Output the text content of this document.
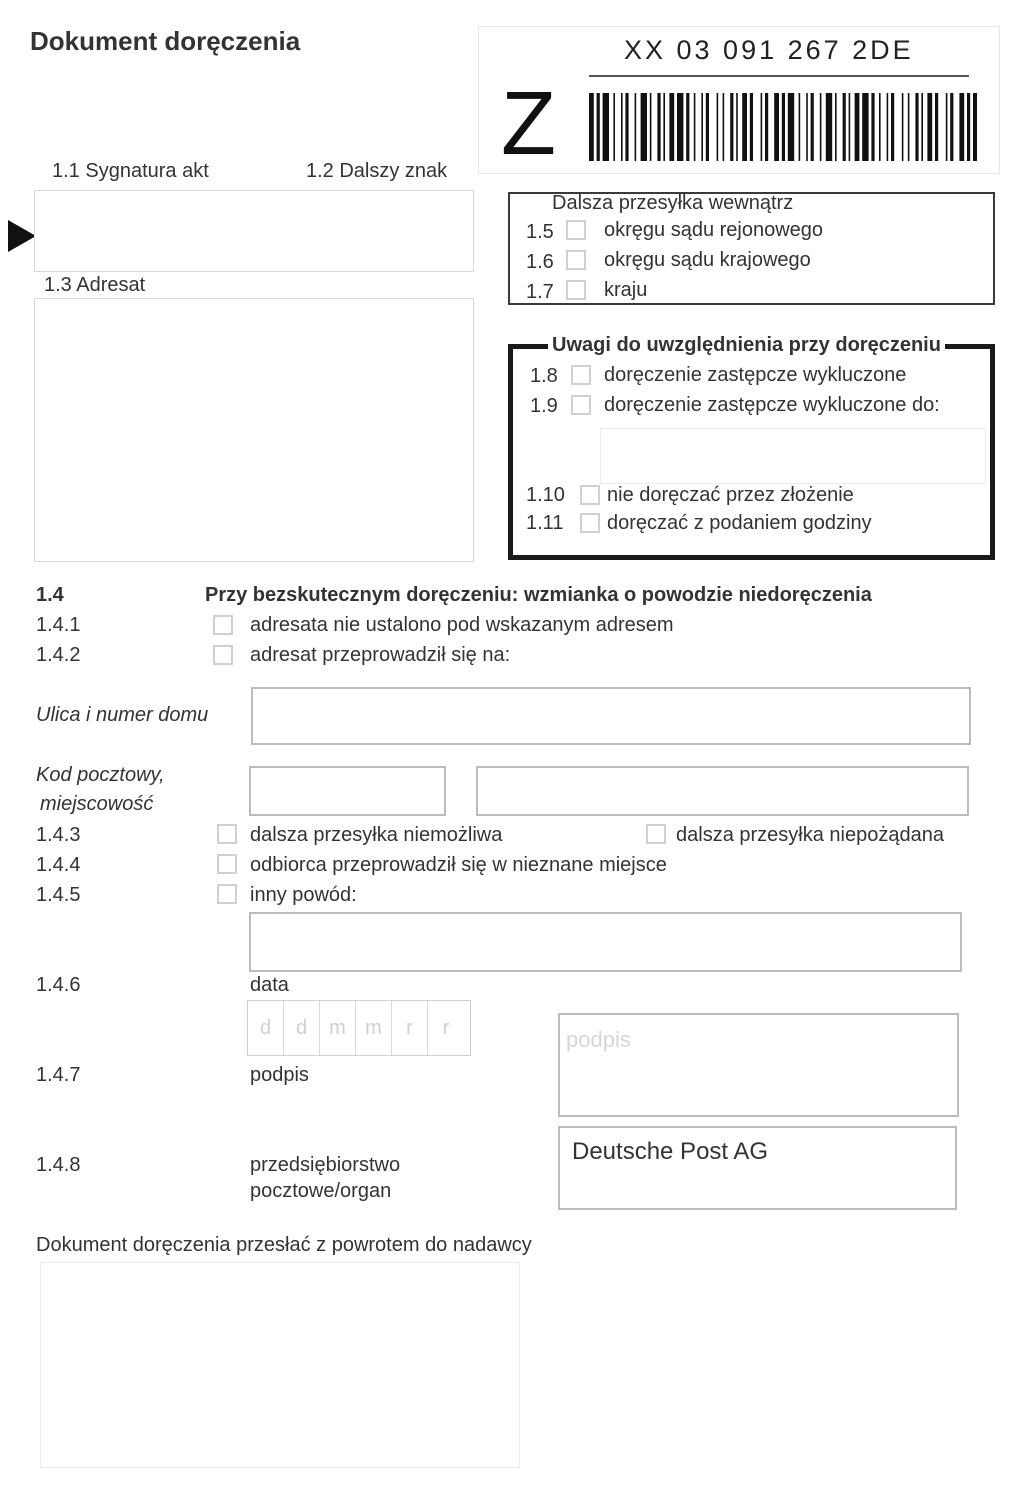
Dokument doręczenia	XX 03 091 267 2DE
Z
1.1 Sygnatura akt	1.2 Dalszy znak
1.3 Adresat
Dalsza przesyłka wewnątrz
1.5	okręgu sądu rejonowego
1.6	okręgu sądu krajowego
1.7	kraju
Uwagi do uwzględnienia przy doręczeniu
1.8 doręczenie zastępcze wykluczone
1.9 doręczenie zastępcze wykluczone do:
1.10 nie doręczać przez złożenie
1.11 doręczać z podaniem godziny
1.4	Przy bezskutecznym doręczeniu: wzmianka o powodzie niedoręczenia
1.4.1	adresata nie ustalono pod wskazanym adresem
1.4.2	adresat przeprowadził się na:
Ulica i numer domu
Kod pocztowy,
miejscowość
1.4.3	dalsza przesyłka niemożliwa	dalsza przesyłka niepożądana
1.4.4	odbiorca przeprowadził się w nieznane miejsce
1.4.5	inny powód:
1.4.6	data
d	d	m m	r	r	podpis
1.4.7	podpis
1.4.8	przedsiębiorstwo
pocztowe/organ
Deutsche Post AG
Dokument doręczenia przesłać z powrotem do nadawcy
